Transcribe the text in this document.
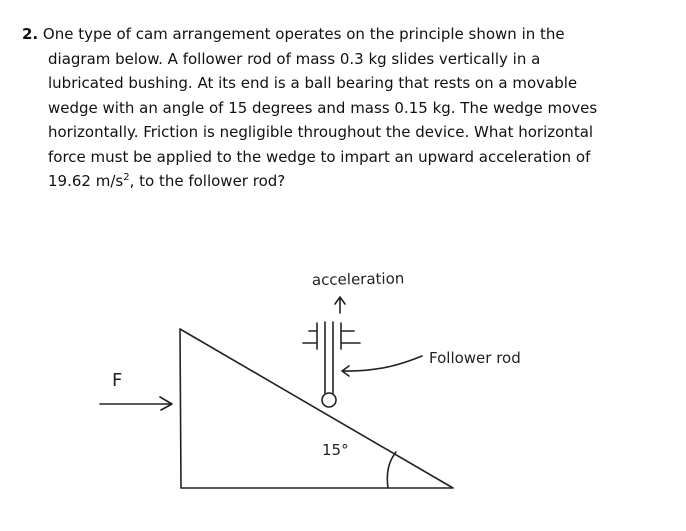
2. One type of cam arrangement operates on the principle shown in the
diagram below. A follower rod of mass 0.3 kg slides vertically in a
lubricated bushing. At its end is a ball bearing that rests on a movable
wedge with an angle of 15 degrees and mass 0.15 kg. The wedge moves
horizontally. Friction is negligible throughout the device. What horizontal
force must be applied to the wedge to impart an upward acceleration of
19.62 $m/s^2$, to the follower rod?
acceleration
Follower rod
F
15°
